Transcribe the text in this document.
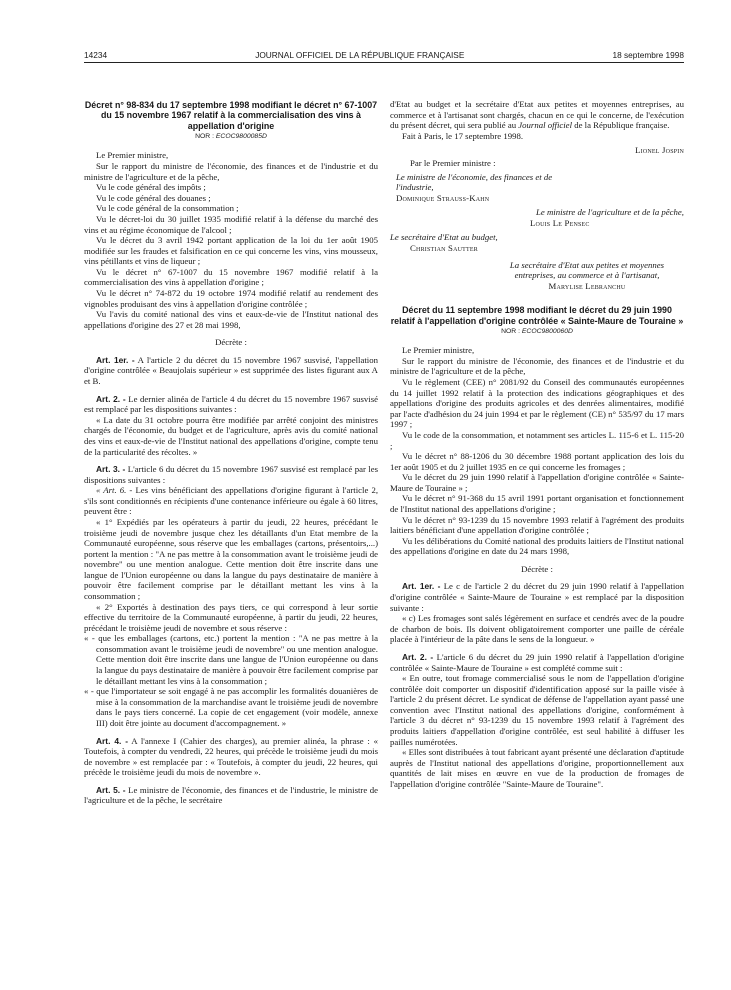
14234	JOURNAL OFFICIEL DE LA RÉPUBLIQUE FRANÇAISE	18 septembre 1998
Décret n° 98-834 du 17 septembre 1998 modifiant le décret n° 67-1007 du 15 novembre 1967 relatif à la commercialisation des vins à appellation d'origine

NOR : ECOC9800085D

Le Premier ministre,

Sur le rapport du ministre de l'économie, des finances et de l'industrie et du ministre de l'agriculture et de la pêche,

Vu le code général des impôts ;

Vu le code général des douanes ;

Vu le code général de la consommation ;

Vu le décret-loi du 30 juillet 1935 modifié relatif à la défense du marché des vins et au régime économique de l'alcool ;

Vu le décret du 3 avril 1942 portant application de la loi du 1er août 1905 modifiée sur les fraudes et falsification en ce qui concerne les vins, vins mousseux, vins pétillants et vins de liqueur ;

Vu le décret n° 67-1007 du 15 novembre 1967 modifié relatif à la commercialisation des vins à appellation d'origine ;

Vu le décret n° 74-872 du 19 octobre 1974 modifié relatif au rendement des vignobles produisant des vins à appellation d'origine contrôlée ;

Vu l'avis du comité national des vins et eaux-de-vie de l'Institut national des appellations d'origine des 27 et 28 mai 1998,

Décrète :

Art. 1er. - A l'article 2 du décret du 15 novembre 1967 susvisé, l'appellation d'origine contrôlée « Beaujolais supérieur » est supprimée des listes figurant aux A et B.

Art. 2. - Le dernier alinéa de l'article 4 du décret du 15 novembre 1967 susvisé est remplacé par les dispositions suivantes :

« La date du 31 octobre pourra être modifiée par arrêté conjoint des ministres chargés de l'économie, du budget et de l'agriculture, après avis du comité national des vins et eaux-de-vie de l'Institut national des appellations d'origine, compte tenu de la particularité des récoltes. »

Art. 3. - L'article 6 du décret du 15 novembre 1967 susvisé est remplacé par les dispositions suivantes :

« Art. 6. - Les vins bénéficiant des appellations d'origine figurant à l'article 2, s'ils sont conditionnés en récipients d'une contenance inférieure ou égale à 60 litres, peuvent être :

« 1° Expédiés par les opérateurs à partir du jeudi, 22 heures, précédant le troisième jeudi de novembre jusque chez les détaillants d'un Etat membre de la Communauté européenne, sous réserve que les emballages (cartons, présentoirs,...) portent la mention : "A ne pas mettre à la consommation avant le troisième jeudi de novembre" ou une mention analogue. Cette mention doit être inscrite dans une langue de l'Union européenne ou dans la langue du pays destinataire de manière à pouvoir être facilement comprise par le détaillant mettant les vins à la consommation ;

« 2° Exportés à destination des pays tiers, ce qui correspond à leur sortie effective du territoire de la Communauté européenne, à partir du jeudi, 22 heures, précédant le troisième jeudi de novembre et sous réserve :

« - que les emballages (cartons, etc.) portent la mention : "A ne pas mettre à la consommation avant le troisième jeudi de novembre" ou une mention analogue. Cette mention doit être inscrite dans une langue de l'Union européenne ou dans la langue du pays destinataire de manière à pouvoir être facilement comprise par le détaillant mettant les vins à la consommation ;

« - que l'importateur se soit engagé à ne pas accomplir les formalités douanières de mise à la consommation de la marchandise avant le troisième jeudi de novembre dans le pays tiers concerné. La copie de cet engagement (voir modèle, annexe III) doit être jointe au document d'accompagnement. »

Art. 4. - A l'annexe I (Cahier des charges), au premier alinéa, la phrase : « Toutefois, à compter du vendredi, 22 heures, qui précède le troisième jeudi du mois de novembre » est remplacée par : « Toutefois, à compter du jeudi, 22 heures, qui précède le troisième jeudi du mois de novembre ».

Art. 5. - Le ministre de l'économie, des finances et de l'industrie, le ministre de l'agriculture et de la pêche, le secrétaire

d'Etat au budget et la secrétaire d'Etat aux petites et moyennes entreprises, au commerce et à l'artisanat sont chargés, chacun en ce qui le concerne, de l'exécution du présent décret, qui sera publié au Journal officiel de la République française.

Fait à Paris, le 17 septembre 1998.

Lionel Jospin

Par le Premier ministre :

Le ministre de l'économie, des finances et de l'industrie,

Dominique Strauss-Kahn

Le ministre de l'agriculture et de la pêche,

Louis Le Pensec

Le secrétaire d'Etat au budget,

Christian Sautter

La secrétaire d'Etat aux petites et moyennes entreprises, au commerce et à l'artisanat,

Marylise Lebranchu

Décret du 11 septembre 1998 modifiant le décret du 29 juin 1990 relatif à l'appellation d'origine contrôlée « Sainte-Maure de Touraine »

NOR : ECOC9800060D

Le Premier ministre,

Sur le rapport du ministre de l'économie, des finances et de l'industrie et du ministre de l'agriculture et de la pêche,

Vu le règlement (CEE) n° 2081/92 du Conseil des communautés européennes du 14 juillet 1992 relatif à la protection des indications géographiques et des appellations d'origine des produits agricoles et des denrées alimentaires, modifié par l'acte d'adhésion du 24 juin 1994 et par le règlement (CE) n° 535/97 du 17 mars 1997 ;

Vu le code de la consommation, et notamment ses articles L. 115-6 et L. 115-20 ;

Vu le décret n° 88-1206 du 30 décembre 1988 portant application des lois du 1er août 1905 et du 2 juillet 1935 en ce qui concerne les fromages ;

Vu le décret du 29 juin 1990 relatif à l'appellation d'origine contrôlée « Sainte-Maure de Touraine » ;

Vu le décret n° 91-368 du 15 avril 1991 portant organisation et fonctionnement de l'Institut national des appellations d'origine ;

Vu le décret n° 93-1239 du 15 novembre 1993 relatif à l'agrément des produits laitiers bénéficiant d'une appellation d'origine contrôlée ;

Vu les délibérations du Comité national des produits laitiers de l'Institut national des appellations d'origine en date du 24 mars 1998,

Décrète :

Art. 1er. - Le c de l'article 2 du décret du 29 juin 1990 relatif à l'appellation d'origine contrôlée « Sainte-Maure de Touraine » est remplacé par la disposition suivante :

« c) Les fromages sont salés légèrement en surface et cendrés avec de la poudre de charbon de bois. Ils doivent obligatoirement comporter une paille de céréale placée à l'intérieur de la pâte dans le sens de la longueur. »

Art. 2. - L'article 6 du décret du 29 juin 1990 relatif à l'appellation d'origine contrôlée « Sainte-Maure de Touraine » est complété comme suit :

« En outre, tout fromage commercialisé sous le nom de l'appellation d'origine contrôlée doit comporter un dispositif d'identification apposé sur la paille visée à l'article 2 du présent décret. Le syndicat de défense de l'appellation ayant passé une convention avec l'Institut national des appellations d'origine, conformément à l'article 3 du décret n° 93-1239 du 15 novembre 1993 relatif à l'agrément des produits laitiers d'appellation d'origine contrôlée, est seul habilité à diffuser les pailles numérotées.

« Elles sont distribuées à tout fabricant ayant présenté une déclaration d'aptitude auprès de l'Institut national des appellations d'origine, proportionnellement aux quantités de lait mises en œuvre en vue de la production de fromages de l'appellation d'origine contrôlée "Sainte-Maure de Touraine".
